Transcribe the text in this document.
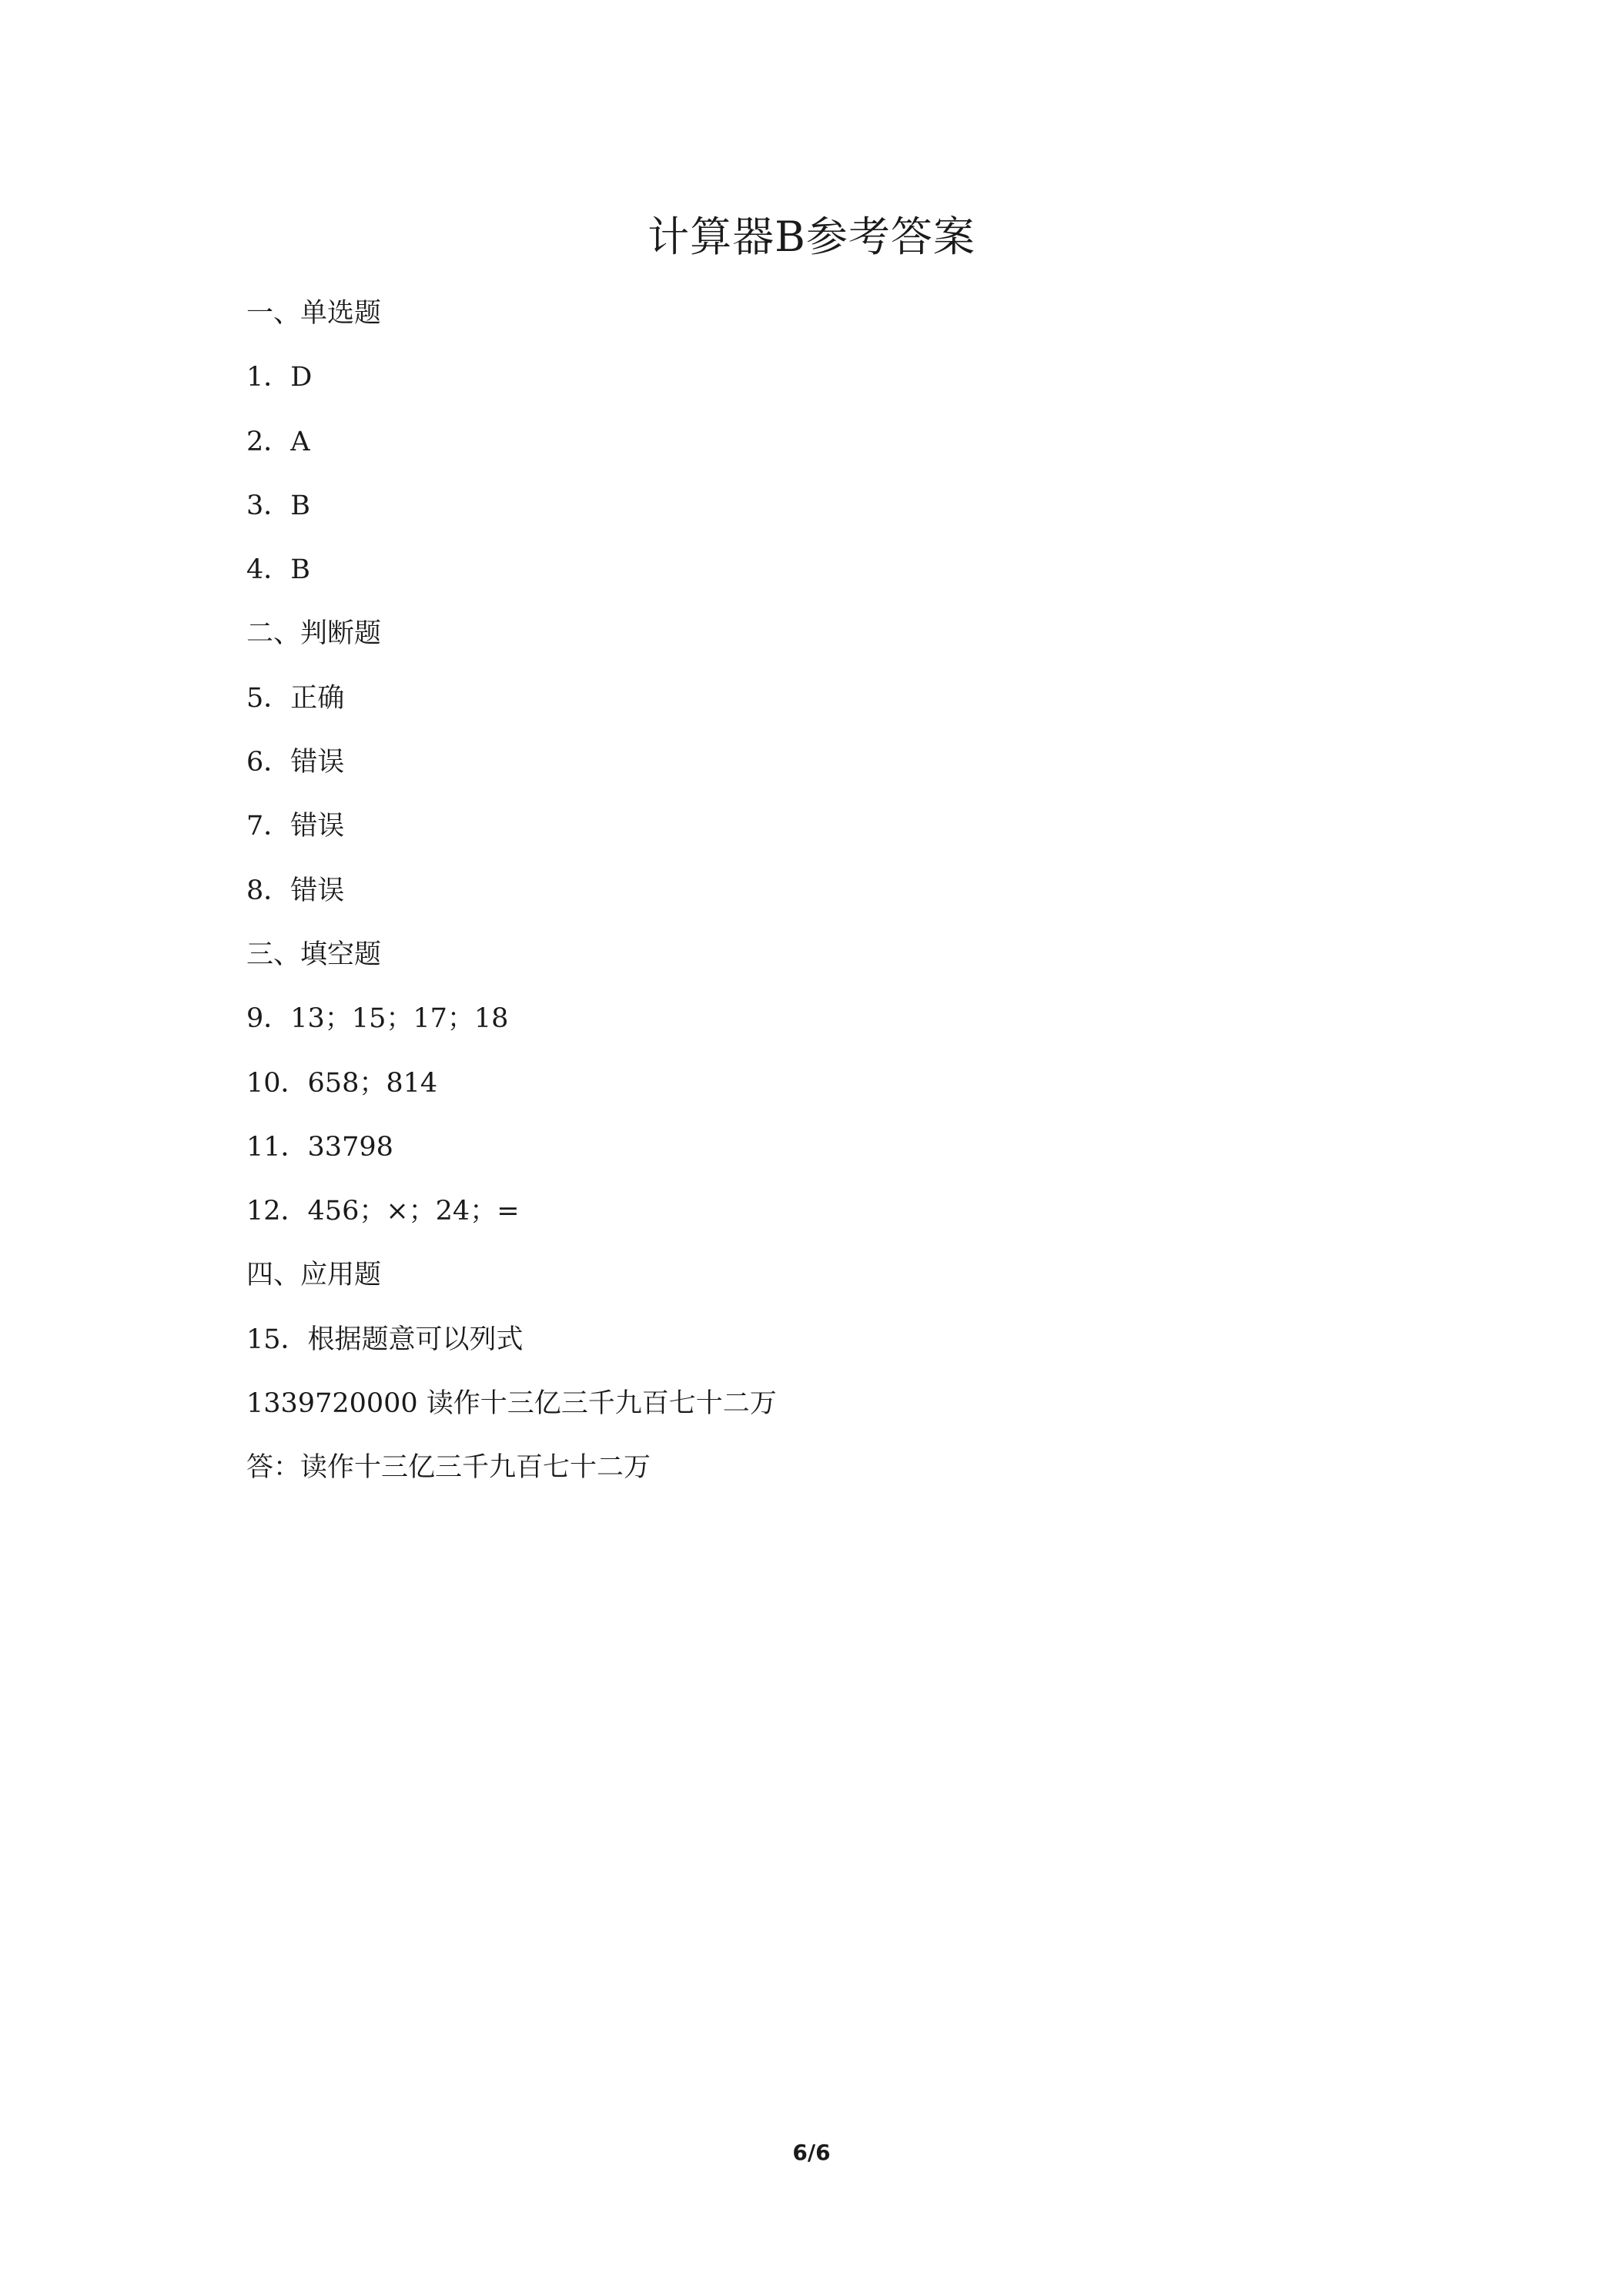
计算器B参考答案
一、单选题
1．D
2．A
3．B
4．B
二、判断题
5．正确
6．错误
7．错误
8．错误
三、填空题
9．13；15；17；18
10．658；814
11．33798
12．456；×；24；=
四、应用题
15．根据题意可以列式
1339720000 读作十三亿三千九百七十二万
答：读作十三亿三千九百七十二万
6/6
